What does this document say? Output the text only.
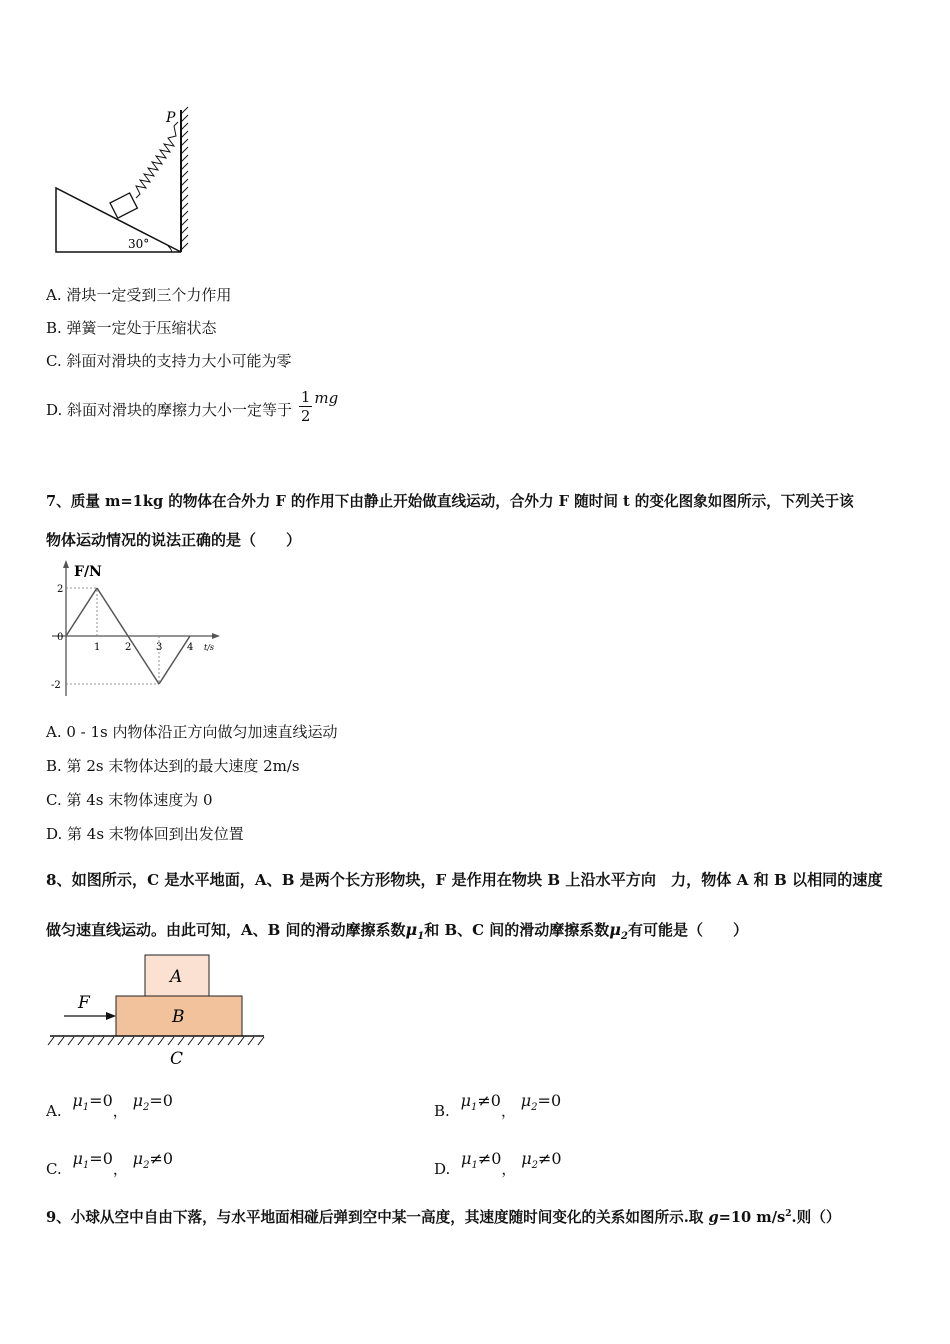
P
30°
A. 滑块一定受到三个力作用
B. 弹簧一定处于压缩状态
C. 斜面对滑块的支持力大小可能为零
D. 斜面对滑块的摩擦力大小一定等于 $\frac{1}{2}$ mg
7、质量 m=1kg 的物体在合外力 F 的作用下由静止开始做直线运动，合外力 F 随时间 t 的变化图象如图所示，下列关于该
物体运动情况的说法正确的是（　　）
F/N
t/s
1 2 3 4
2
0
-2
A. 0 - 1s 内物体沿正方向做匀加速直线运动
B. 第 2s 末物体达到的最大速度 2m/s
C. 第 4s 末物体速度为 0
D. 第 4s 末物体回到出发位置
8、如图所示，C 是水平地面，A、B 是两个长方形物块，F 是作用在物块 B 上沿水平方向　力，物体 A 和 B 以相同的速度
做匀速直线运动。由此可知，A、B 间的滑动摩擦系数$\mu_1$和 B、C 间的滑动摩擦系数$\mu_2$有可能是（　　）
A
B
F
C
A. $\mu_1=0$， $\mu_2=0$
B. $\mu_1\ne 0$， $\mu_2=0$
C. $\mu_1=0$， $\mu_2\ne 0$
D. $\mu_1\ne 0$， $\mu_2\ne 0$
9、小球从空中自由下落，与水平地面相碰后弹到空中某一高度，其速度随时间变化的关系如图所示.取 g=10 $m/s^2$.则（）
